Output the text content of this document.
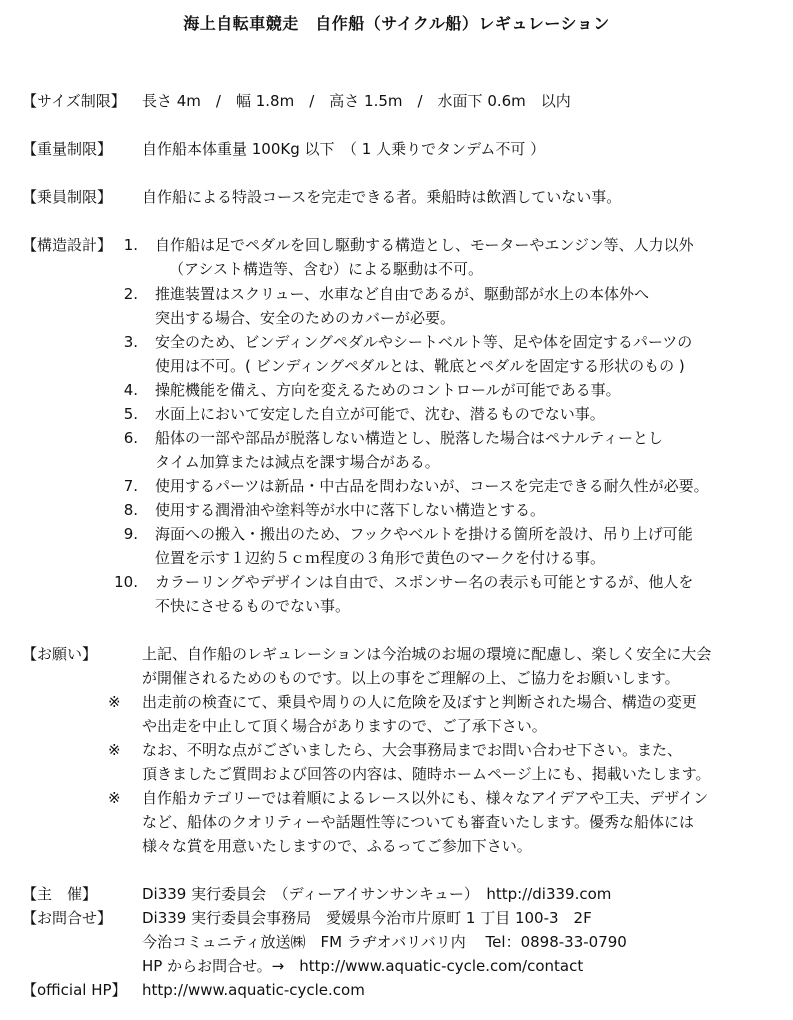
海上自転車競走　自作船（サイクル船）レギュレーション
【サイズ制限】 長さ 4m　/　幅 1.8m　/　高さ 1.5m　/　水面下 0.6m　以内
【重量制限】 自作船本体重量 100Kg 以下　（ 1 人乗りでタンデム不可 ）
【乗員制限】 自作船による特設コースを完走できる者。乗船時は飲酒していない事。
【構造設計】 1. 自作船は足でペダルを回し駆動する構造とし、モーターやエンジン等、人力以外
（アシスト構造等、含む）による駆動は不可。
2. 推進装置はスクリュー、水車など自由であるが、駆動部が水上の本体外へ
突出する場合、安全のためのカバーが必要。
3. 安全のため、ビンディングペダルやシートベルト等、足や体を固定するパーツの
使用は不可。( ビンディングペダルとは、靴底とペダルを固定する形状のもの )
4. 操舵機能を備え、方向を変えるためのコントロールが可能である事。
5. 水面上において安定した自立が可能で、沈む、潜るものでない事。
6. 船体の一部や部品が脱落しない構造とし、脱落した場合はペナルティーとし
タイム加算または減点を課す場合がある。
7. 使用するパーツは新品・中古品を問わないが、コースを完走できる耐久性が必要。
8. 使用する潤滑油や塗料等が水中に落下しない構造とする。
9. 海面への搬入・搬出のため、フックやベルトを掛ける箇所を設け、吊り上げ可能
位置を示す１辺約５ｃｍ程度の３角形で黄色のマークを付ける事。
10. カラーリングやデザインは自由で、スポンサー名の表示も可能とするが、他人を
不快にさせるものでない事。
【お願い】	上記、自作船のレギュレーションは今治城のお堀の環境に配慮し、楽しく安全に大会
が開催されるためのものです。以上の事をご理解の上、ご協力をお願いします。
※ 出走前の検査にて、乗員や周りの人に危険を及ぼすと判断された場合、構造の変更
や出走を中止して頂く場合がありますので、ご了承下さい。
※ なお、不明な点がございましたら、大会事務局までお問い合わせ下さい。また、
頂きましたご質問および回答の内容は、随時ホームページ上にも、掲載いたします。
※ 自作船カテゴリーでは着順によるレース以外にも、様々なアイデアや工夫、デザイン
など、船体のクオリティーや話題性等についても審査いたします。優秀な船体には
様々な賞を用意いたしますので、ふるってご参加下さい。
【主　催】	Di339 実行委員会　（ディーアイサンサンキュー）　http://di339.com
【お問合せ】 Di339 実行委員会事務局　愛媛県今治市片原町 1 丁目 100-3　2F
今治コミュニティ放送㈱　FM ラヂオバリバリ内　 Tel：0898-33-0790
HP からお問合せ。→　http://www.aquatic-cycle.com/contact
【official HP】 http://www.aquatic-cycle.com
